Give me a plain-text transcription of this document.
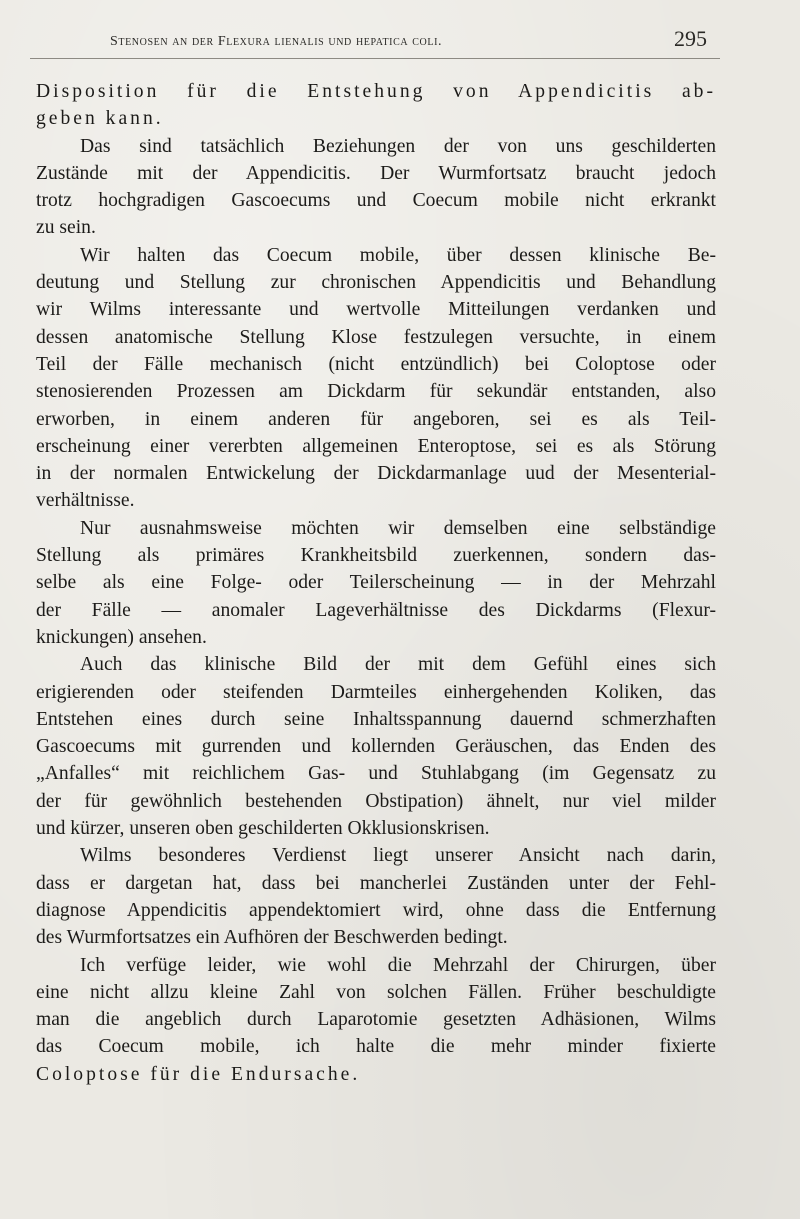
Stenosen an der Flexura lienalis und hepatica coli.	295
Disposition für die Entstehung von Appendicitis ab-
geben kann.
Das sind tatsächlich Beziehungen der von uns geschilderten
Zustände mit der Appendicitis. Der Wurmfortsatz braucht jedoch
trotz hochgradigen Gascoecums und Coecum mobile nicht erkrankt
zu sein.
Wir halten das Coecum mobile, über dessen klinische Be-
deutung und Stellung zur chronischen Appendicitis und Behandlung
wir Wilms interessante und wertvolle Mitteilungen verdanken und
dessen anatomische Stellung Klose festzulegen versuchte, in einem
Teil der Fälle mechanisch (nicht entzündlich) bei Coloptose oder
stenosierenden Prozessen am Dickdarm für sekundär entstanden, also
erworben, in einem anderen für angeboren, sei es als Teil-
erscheinung einer vererbten allgemeinen Enteroptose, sei es als Störung
in der normalen Entwickelung der Dickdarmanlage uud der Mesenterial-
verhältnisse.
Nur ausnahmsweise möchten wir demselben eine selbständige
Stellung als primäres Krankheitsbild zuerkennen, sondern das-
selbe als eine Folge- oder Teilerscheinung — in der Mehrzahl
der Fälle — anomaler Lageverhältnisse des Dickdarms (Flexur-
knickungen) ansehen.
Auch das klinische Bild der mit dem Gefühl eines sich
erigierenden oder steifenden Darmteiles einhergehenden Koliken, das
Entstehen eines durch seine Inhaltsspannung dauernd schmerzhaften
Gascoecums mit gurrenden und kollernden Geräuschen, das Enden des
„Anfalles“ mit reichlichem Gas- und Stuhlabgang (im Gegensatz zu
der für gewöhnlich bestehenden Obstipation) ähnelt, nur viel milder
und kürzer, unseren oben geschilderten Okklusionskrisen.
Wilms besonderes Verdienst liegt unserer Ansicht nach darin,
dass er dargetan hat, dass bei mancherlei Zuständen unter der Fehl-
diagnose Appendicitis appendektomiert wird, ohne dass die Entfernung
des Wurmfortsatzes ein Aufhören der Beschwerden bedingt.
Ich verfüge leider, wie wohl die Mehrzahl der Chirurgen, über
eine nicht allzu kleine Zahl von solchen Fällen. Früher beschuldigte
man die angeblich durch Laparotomie gesetzten Adhäsionen, Wilms
das Coecum mobile, ich halte die mehr minder fixierte
Coloptose für die Endursache.
